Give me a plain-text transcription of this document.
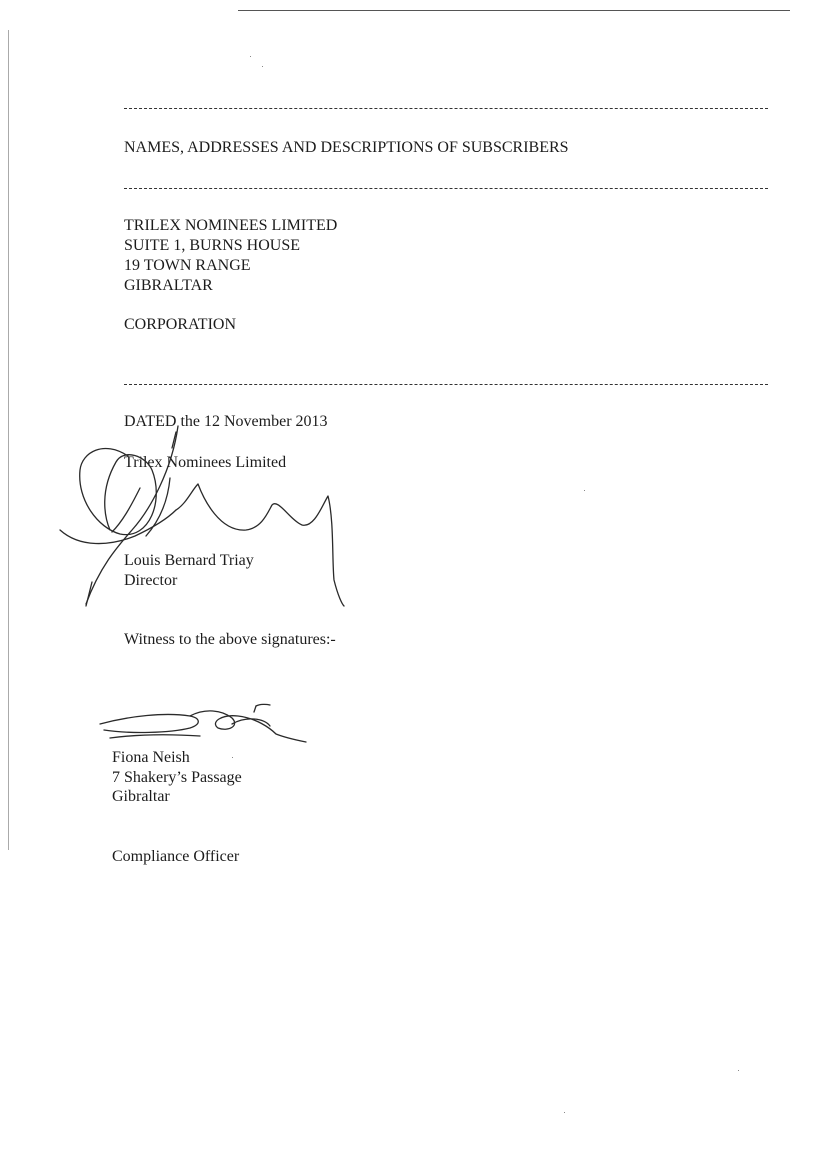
NAMES, ADDRESSES AND DESCRIPTIONS OF SUBSCRIBERS
TRILEX NOMINEES LIMITED
SUITE 1, BURNS HOUSE
19 TOWN RANGE
GIBRALTAR
CORPORATION
DATED the 12 November 2013
Trilex Nominees Limited
Louis Bernard Triay
Director
Witness to the above signatures:-
Fiona Neish
7 Shakery’s Passage
Gibraltar
Compliance Officer
